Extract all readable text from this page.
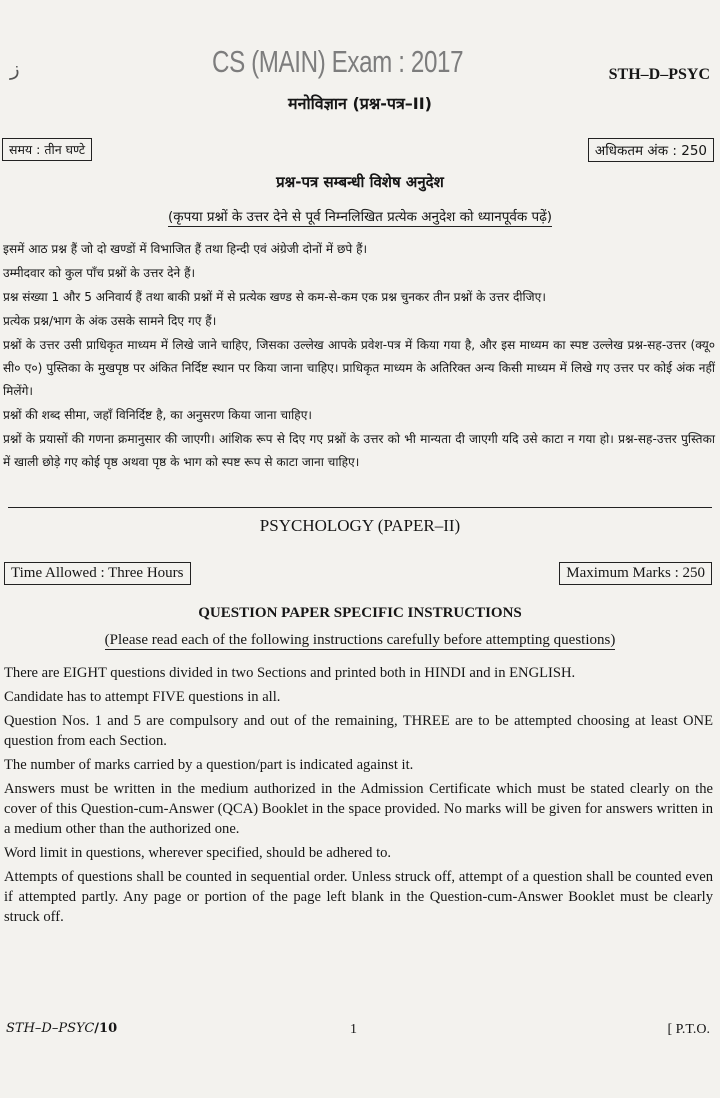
ز	CS (MAIN) Exam : 2017	STH–D–PSYC
मनोविज्ञान (प्रश्न-पत्र–II)
समय : तीन घण्टे	अधिकतम अंक : 250
प्रश्न-पत्र सम्बन्धी विशेष अनुदेश
(कृपया प्रश्नों के उत्तर देने से पूर्व निम्नलिखित प्रत्येक अनुदेश को ध्यानपूर्वक पढ़ें)

इसमें आठ प्रश्न हैं जो दो खण्डों में विभाजित हैं तथा हिन्दी एवं अंग्रेजी दोनों में छपे हैं।

उम्मीदवार को कुल पाँच प्रश्नों के उत्तर देने हैं।

प्रश्न संख्या 1 और 5 अनिवार्य हैं तथा बाकी प्रश्नों में से प्रत्येक खण्ड से कम-से-कम एक प्रश्न चुनकर तीन प्रश्नों के उत्तर दीजिए।

प्रत्येक प्रश्न/भाग के अंक उसके सामने दिए गए हैं।

प्रश्नों के उत्तर उसी प्राधिकृत माध्यम में लिखे जाने चाहिए, जिसका उल्लेख आपके प्रवेश-पत्र में किया गया है, और इस माध्यम का स्पष्ट उल्लेख प्रश्न-सह-उत्तर (क्यू० सी० ए०) पुस्तिका के मुखपृष्ठ पर अंकित निर्दिष्ट स्थान पर किया जाना चाहिए। प्राधिकृत माध्यम के अतिरिक्त अन्य किसी माध्यम में लिखे गए उत्तर पर कोई अंक नहीं मिलेंगे।

प्रश्नों की शब्द सीमा, जहाँ विनिर्दिष्ट है, का अनुसरण किया जाना चाहिए।

प्रश्नों के प्रयासों की गणना क्रमानुसार की जाएगी। आंशिक रूप से दिए गए प्रश्नों के उत्तर को भी मान्यता दी जाएगी यदि उसे काटा न गया हो। प्रश्न-सह-उत्तर पुस्तिका में खाली छोड़े गए कोई पृष्ठ अथवा पृष्ठ के भाग को स्पष्ट रूप से काटा जाना चाहिए।

PSYCHOLOGY (PAPER–II)
Time Allowed : Three Hours	Maximum Marks : 250
QUESTION PAPER SPECIFIC INSTRUCTIONS
(Please read each of the following instructions carefully before attempting questions)

There are EIGHT questions divided in two Sections and printed both in HINDI and in ENGLISH.

Candidate has to attempt FIVE questions in all.

Question Nos. 1 and 5 are compulsory and out of the remaining, THREE are to be attempted choosing at least ONE question from each Section.

The number of marks carried by a question/part is indicated against it.

Answers must be written in the medium authorized in the Admission Certificate which must be stated clearly on the cover of this Question-cum-Answer (QCA) Booklet in the space provided. No marks will be given for answers written in a medium other than the authorized one.

Word limit in questions, wherever specified, should be adhered to.

Attempts of questions shall be counted in sequential order. Unless struck off, attempt of a question shall be counted even if attempted partly. Any page or portion of the page left blank in the Question-cum-Answer Booklet must be clearly struck off.

STH–D–PSYC/10	1	[ P.T.O.
